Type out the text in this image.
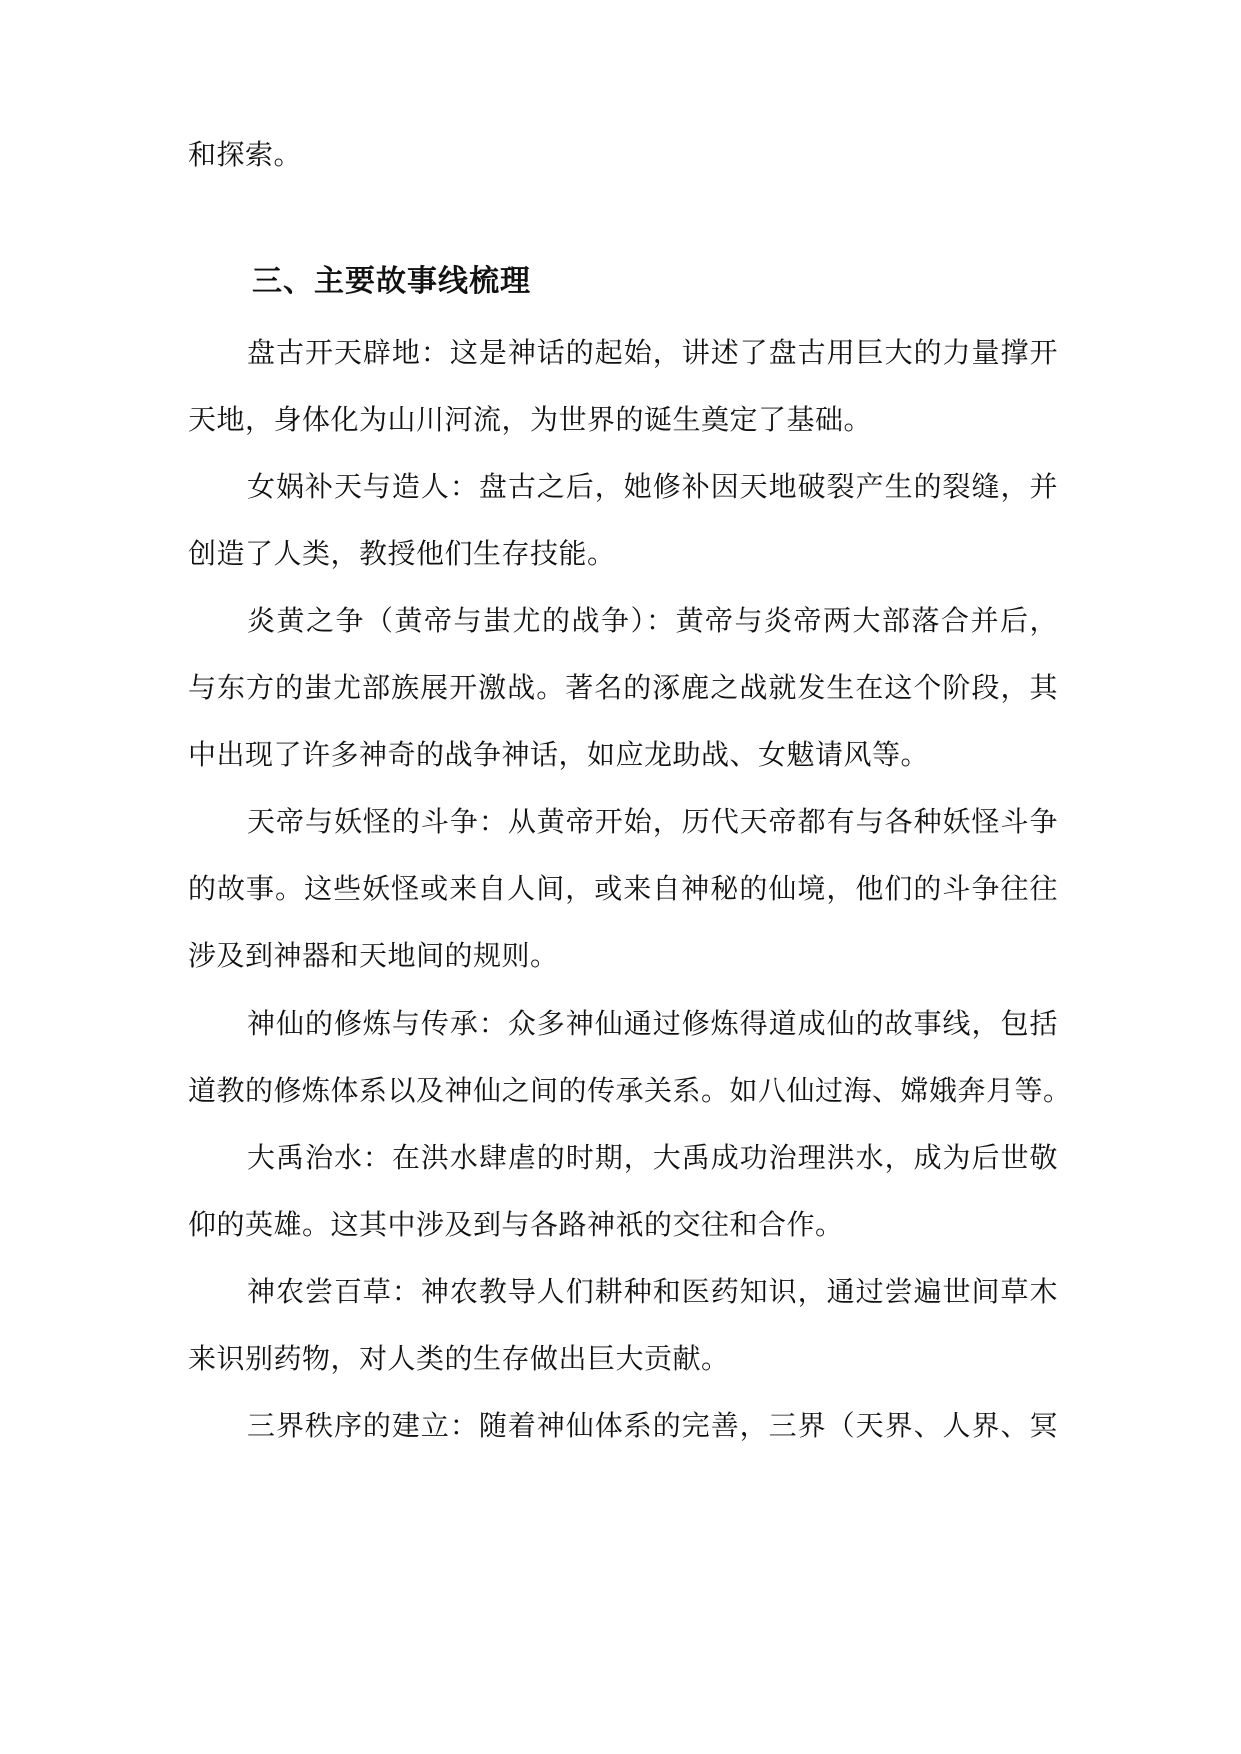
和探索。
三、主要故事线梳理
盘古开天辟地：这是神话的起始，讲述了盘古用巨大的力量撑开
天地，身体化为山川河流，为世界的诞生奠定了基础。
女娲补天与造人：盘古之后，她修补因天地破裂产生的裂缝，并
创造了人类，教授他们生存技能。
炎黄之争（黄帝与蚩尤的战争）：黄帝与炎帝两大部落合并后，
与东方的蚩尤部族展开激战。著名的涿鹿之战就发生在这个阶段，其
中出现了许多神奇的战争神话，如应龙助战、女魃请风等。
天帝与妖怪的斗争：从黄帝开始，历代天帝都有与各种妖怪斗争
的故事。这些妖怪或来自人间，或来自神秘的仙境，他们的斗争往往
涉及到神器和天地间的规则。
神仙的修炼与传承：众多神仙通过修炼得道成仙的故事线，包括
道教的修炼体系以及神仙之间的传承关系。如八仙过海、嫦娥奔月等。
大禹治水：在洪水肆虐的时期，大禹成功治理洪水，成为后世敬
仰的英雄。这其中涉及到与各路神祇的交往和合作。
神农尝百草：神农教导人们耕种和医药知识，通过尝遍世间草木
来识别药物，对人类的生存做出巨大贡献。
三界秩序的建立：随着神仙体系的完善，三界（天界、人界、冥
